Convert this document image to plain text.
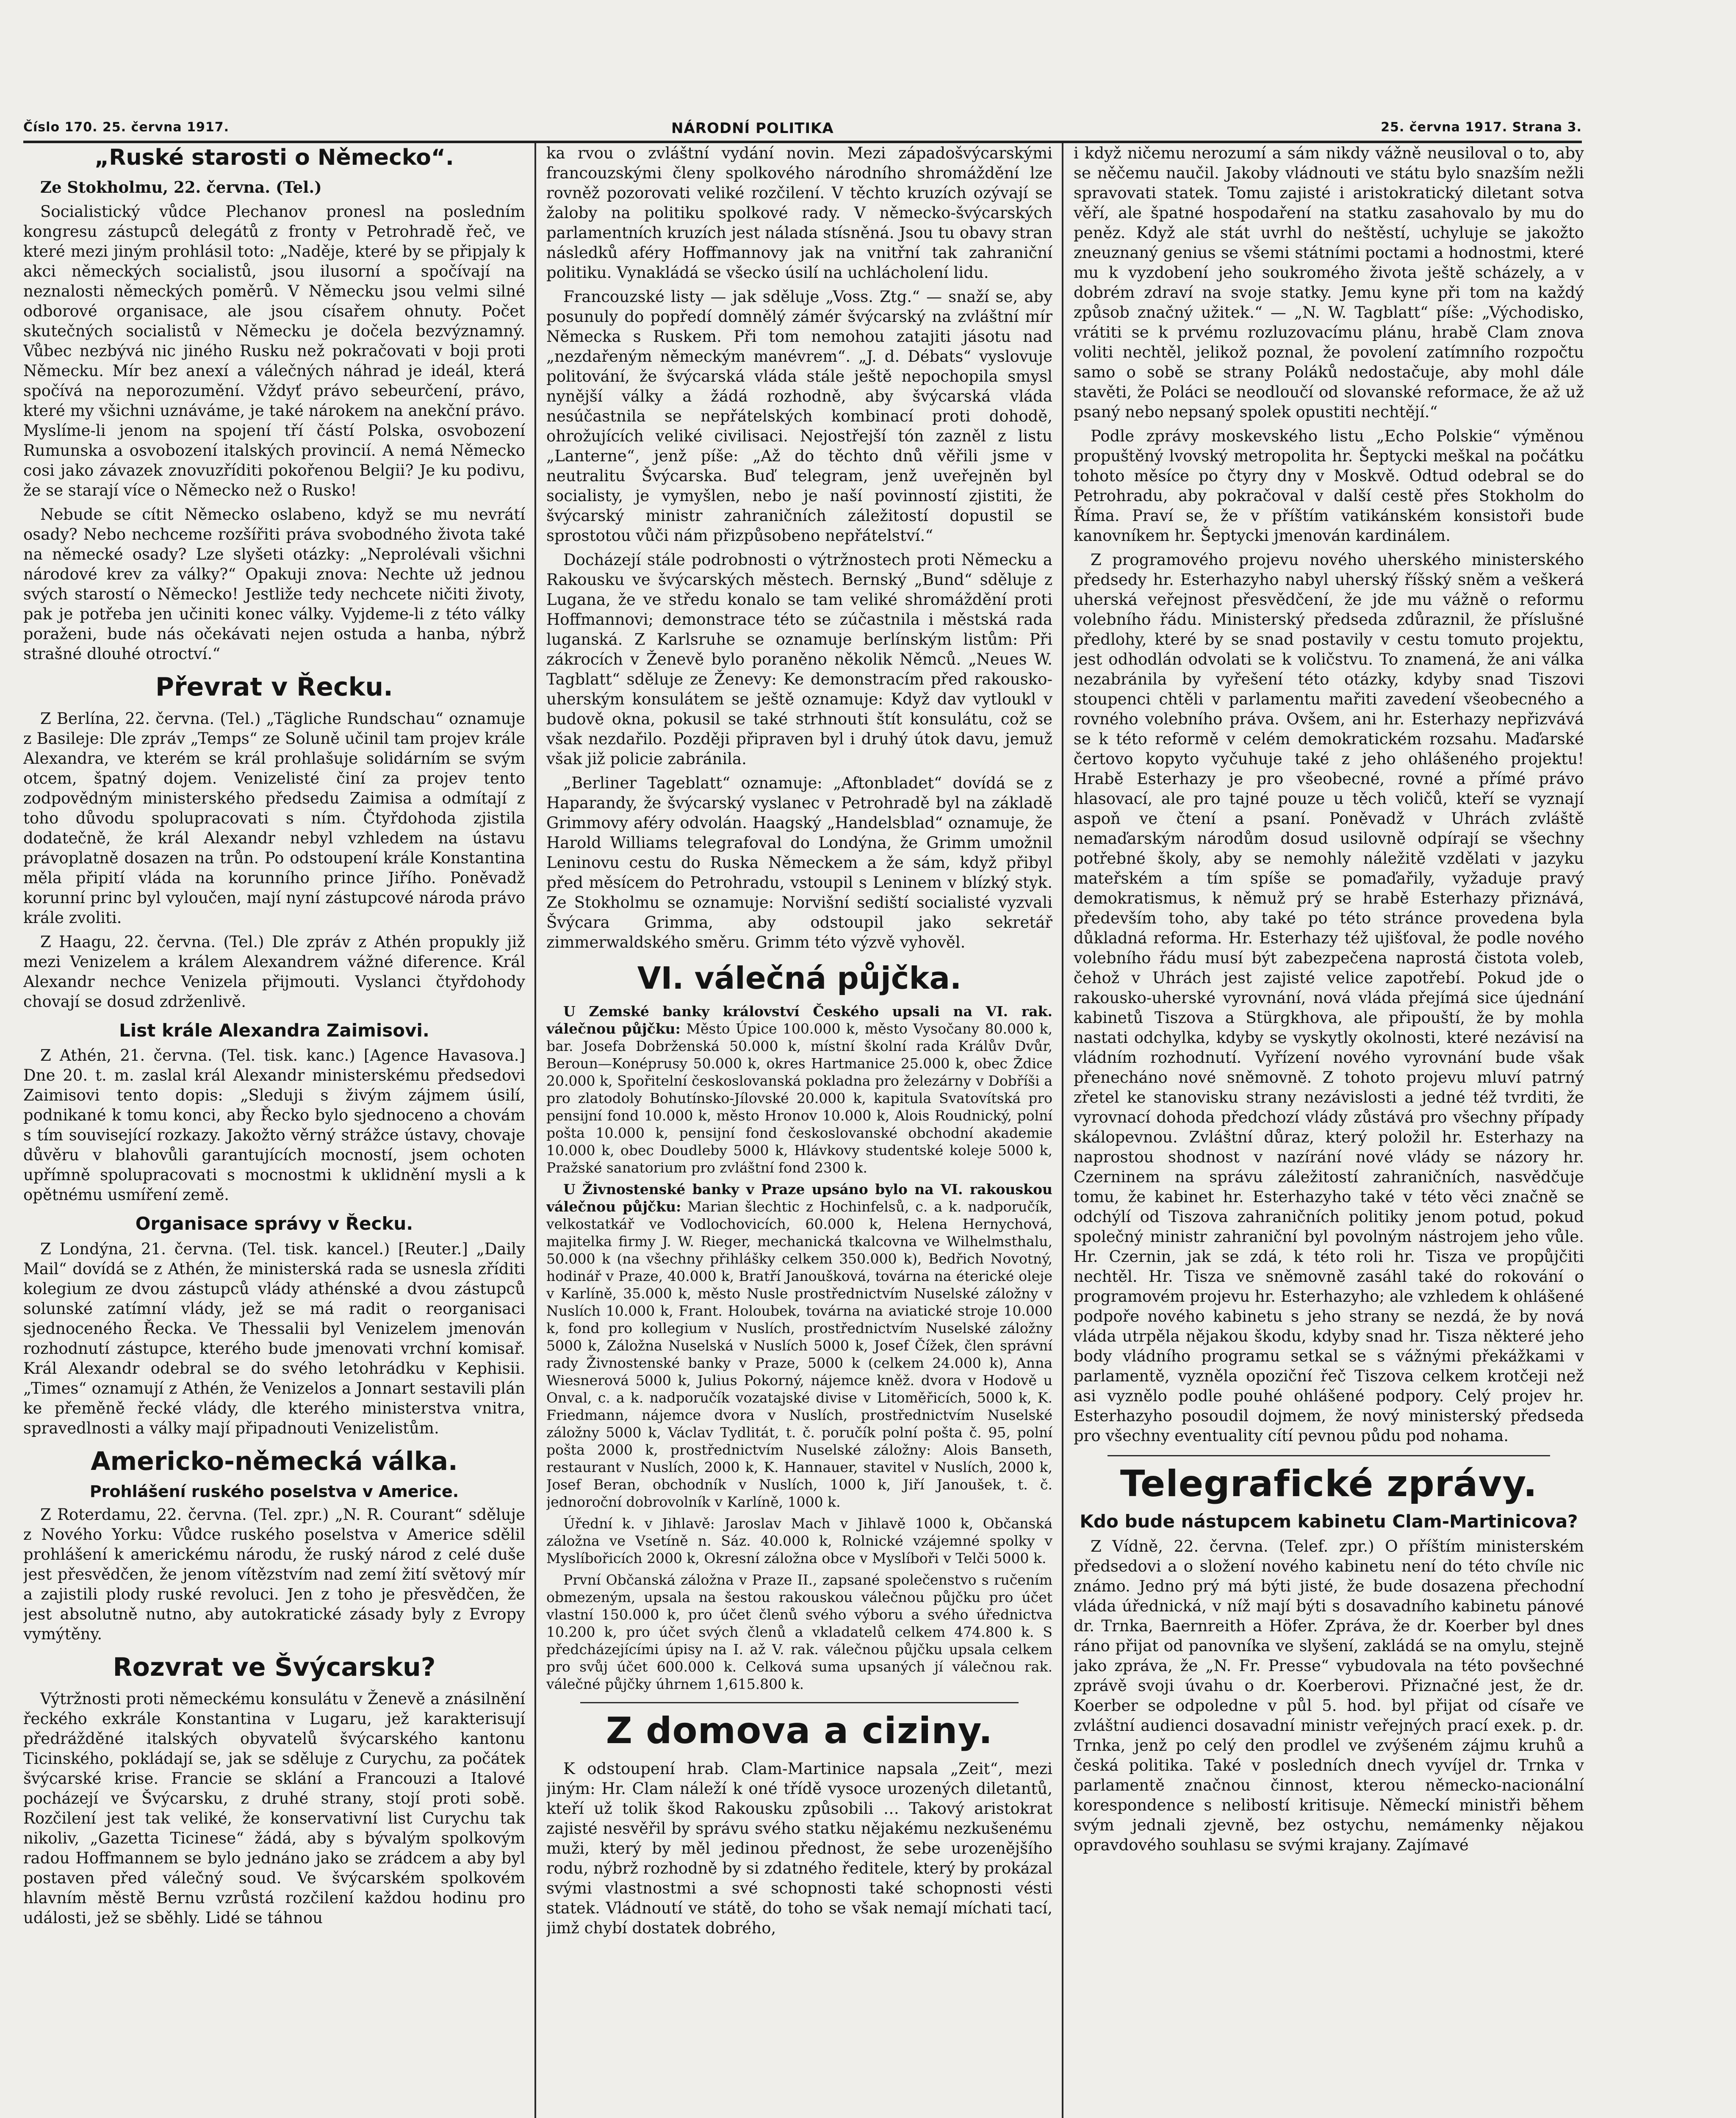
Číslo 170. 25. června 1917.	NÁRODNÍ POLITIKA	25. června 1917. Strana 3.
„Ruské starosti o Německo“.

Ze Stokholmu, 22. června. (Tel.)

Socialistický vůdce Plechanov pronesl na posledním kongresu zástupců delegátů z fronty v Petrohradě řeč, ve které mezi jiným prohlásil toto: „Naděje, které by se připjaly k akci německých socialistů, jsou ilusorní a spočívají na neznalosti německých poměrů. V Německu jsou velmi silné odborové organisace, ale jsou císařem ohnuty. Počet skutečných socialistů v Německu je dočela bezvýznamný. Vůbec nezbývá nic jiného Rusku než pokračovati v boji proti Německu. Mír bez anexí a válečných náhrad je ideál, která spočívá na neporozumění. Vždyť právo sebeurčení, právo, které my všichni uznáváme, je také nárokem na anekční právo. Myslíme-li jenom na spojení tří částí Polska, osvobození Rumunska a osvobození italských provincií. A nemá Německo cosi jako závazek znovuzříditi pokořenou Belgii? Je ku podivu, že se starají více o Německo než o Rusko!

Nebude se cítit Německo oslabeno, když se mu nevrátí osady? Nebo nechceme rozšířiti práva svobodného života také na německé osady? Lze slyšeti otázky: „Neprolévali všichni národové krev za války?“ Opakuji znova: Nechte už jednou svých starostí o Německo! Jestliže tedy nechcete ničiti životy, pak je potřeba jen učiniti konec války. Vyjdeme-li z této války poraženi, bude nás očekávati nejen ostuda a hanba, nýbrž strašné dlouhé otroctví.“

Převrat v Řecku.

Z Berlína, 22. června. (Tel.) „Tägliche Rundschau“ oznamuje z Basileje: Dle zpráv „Temps“ ze Soluně učinil tam projev krále Alexandra, ve kterém se král prohlašuje solidárním se svým otcem, špatný dojem. Venizelisté činí za projev tento zodpovědným ministerského předsedu Zaimisa a odmítají z toho důvodu spolupracovati s ním. Čtyřdohoda zjistila dodatečně, že král Alexandr nebyl vzhledem na ústavu právoplatně dosazen na trůn. Po odstoupení krále Konstantina měla připití vláda na korunního prince Jiřího. Poněvadž korunní princ byl vyloučen, mají nyní zástupcové národa právo krále zvoliti.

Z Haagu, 22. června. (Tel.) Dle zpráv z Athén propukly již mezi Venizelem a králem Alexandrem vážné diference. Král Alexandr nechce Venizela přijmouti. Vyslanci čtyřdohody chovají se dosud zdrženlivě.

List krále Alexandra Zaimisovi.

Z Athén, 21. června. (Tel. tisk. kanc.) [Agence Havasova.] Dne 20. t. m. zaslal král Alexandr ministerskému předsedovi Zaimisovi tento dopis: „Sleduji s živým zájmem úsilí, podnikané k tomu konci, aby Řecko bylo sjednoceno a chovám s tím související rozkazy. Jakožto věrný strážce ústavy, chovaje důvěru v blahovůli garantujících mocností, jsem ochoten upřímně spolupracovati s mocnostmi k uklidnění mysli a k opětnému usmíření země.

Organisace správy v Řecku.

Z Londýna, 21. června. (Tel. tisk. kancel.) [Reuter.] „Daily Mail“ dovídá se z Athén, že ministerská rada se usnesla zříditi kolegium ze dvou zástupců vlády athénské a dvou zástupců solunské zatímní vlády, jež se má radit o reorganisaci sjednoceného Řecka. Ve Thessalii byl Venizelem jmenován rozhodnutí zástupce, kterého bude jmenovati vrchní komisař. Král Alexandr odebral se do svého letohrádku v Kephisii. „Times“ oznamují z Athén, že Venizelos a Jonnart sestavili plán ke přeměně řecké vlády, dle kterého ministerstva vnitra, spravedlnosti a války mají připadnouti Venizelistům.

Americko-německá válka.
Prohlášení ruského poselstva v Americe.

Z Roterdamu, 22. června. (Tel. zpr.) „N. R. Courant“ sděluje z Nového Yorku: Vůdce ruského poselstva v Americe sdělil prohlášení k americkému národu, že ruský národ z celé duše jest přesvědčen, že jenom vítězstvím nad zemí žití světový mír a zajistili plody ruské revoluci. Jen z toho je přesvědčen, že jest absolutně nutno, aby autokratické zásady byly z Evropy vymýtěny.

Rozvrat ve Švýcarsku?

Výtržnosti proti německému konsulátu v Ženevě a znásilnění řeckého exkrále Konstantina v Lugaru, jež karakterisují předrážděné italských obyvatelů švýcarského kantonu Ticinského, pokládají se, jak se sděluje z Curychu, za počátek švýcarské krise. Francie se sklání a Francouzi a Italové pocházejí ve Švýcarsku, z druhé strany, stojí proti sobě. Rozčilení jest tak veliké, že konservativní list Curychu tak nikoliv, „Gazetta Ticinese“ žádá, aby s bývalým spolkovým radou Hoffmannem se bylo jednáno jako se zrádcem a aby byl postaven před válečný soud. Ve švýcarském spolkovém hlavním městě Bernu vzrůstá rozčilení každou hodinu pro události, jež se sběhly. Lidé se táhnou

ka rvou o zvláštní vydání novin. Mezi západošvýcarskými francouzskými členy spolkového národního shromáždění lze rovněž pozorovati veliké rozčilení. V těchto kruzích ozývají se žaloby na politiku spolkové rady. V německo-švýcarských parlamentních kruzích jest nálada stísněná. Jsou tu obavy stran následků aféry Hoffmannovy jak na vnitřní tak zahraniční politiku. Vynakládá se všecko úsilí na uchlácholení lidu.

Francouzské listy — jak sděluje „Voss. Ztg.“ — snaží se, aby posunuly do popředí domnělý zámér švýcarský na zvláštní mír Německa s Ruskem. Při tom nemohou zatajiti jásotu nad „nezdařeným německým manévrem“. „J. d. Débats“ vyslovuje politování, že švýcarská vláda stále ještě nepochopila smysl nynější války a žádá rozhodně, aby švýcarská vláda nesúčastnila se nepřátelských kombinací proti dohodě, ohrožujících veliké civilisaci. Nejostřejší tón zazněl z listu „Lanterne“, jenž píše: „Až do těchto dnů věřili jsme v neutralitu Švýcarska. Buď telegram, jenž uveřejněn byl socialisty, je vymyšlen, nebo je naší povinností zjistiti, že švýcarský ministr zahraničních záležitostí dopustil se sprostotou vůči nám přizpůsobeno nepřátelství.“

Docházejí stále podrobnosti o výtržnostech proti Německu a Rakousku ve švýcarských městech. Bernský „Bund“ sděluje z Lugana, že ve středu konalo se tam veliké shromáždění proti Hoffmannovi; demonstrace této se zúčastnila i městská rada luganská. Z Karlsruhe se oznamuje berlínským listům: Při zákrocích v Ženevě bylo poraněno několik Němců. „Neues W. Tagblatt“ sděluje ze Ženevy: Ke demonstracím před rakousko-uherským konsulátem se ještě oznamuje: Když dav vytloukl v budově okna, pokusil se také strhnouti štít konsulátu, což se však nezdařilo. Později připraven byl i druhý útok davu, jemuž však již policie zabránila.

„Berliner Tageblatt“ oznamuje: „Aftonbladet“ dovídá se z Haparandy, že švýcarský vyslanec v Petrohradě byl na základě Grimmovy aféry odvolán. Haagský „Handelsblad“ oznamuje, že Harold Williams telegrafoval do Londýna, že Grimm umožnil Leninovu cestu do Ruska Německem a že sám, když přibyl před měsícem do Petrohradu, vstoupil s Leninem v blízký styk. Ze Stokholmu se oznamuje: Norvišní sediští socialisté vyzvali Švýcara Grimma, aby odstoupil jako sekretář zimmerwaldského směru. Grimm této výzvě vyhověl.

VI. válečná půjčka.

U Zemské banky království Českého upsali na VI. rak. válečnou půjčku: Město Úpice 100.000 k, město Vysočany 80.000 k, bar. Josefa Dobrženská 50.000 k, místní školní rada Králův Dvůr, Beroun—Konéprusy 50.000 k, okres Hartmanice 25.000 k, obec Ždice 20.000 k, Spořitelní českoslovanská pokladna pro železárny v Dobříši a pro zlatodoly Bohutínsko-Jílovské 20.000 k, kapitula Svatovítská pro pensijní fond 10.000 k, město Hronov 10.000 k, Alois Roudnický, polní pošta 10.000 k, pensijní fond českoslovanské obchodní akademie 10.000 k, obec Doudleby 5000 k, Hlávkovy studentské koleje 5000 k, Pražské sanatorium pro zvláštní fond 2300 k.

U Živnostenské banky v Praze upsáno bylo na VI. rakouskou válečnou půjčku: Marian šlechtic z Hochinfelsů, c. a k. nadporučík, velkostatkář ve Vodlochovicích, 60.000 k, Helena Hernychová, majitelka firmy J. W. Rieger, mechanická tkalcovna ve Wilhelmsthalu, 50.000 k (na všechny přihlášky celkem 350.000 k), Bedřich Novotný, hodinář v Praze, 40.000 k, Bratří Janoušková, továrna na éterické oleje v Karlíně, 35.000 k, město Nusle prostřednictvím Nuselské záložny v Nuslích 10.000 k, Frant. Holoubek, továrna na aviatické stroje 10.000 k, fond pro kollegium v Nuslích, prostřednictvím Nuselské záložny 5000 k, Záložna Nuselská v Nuslích 5000 k, Josef Čížek, člen správní rady Živnostenské banky v Praze, 5000 k (celkem 24.000 k), Anna Wiesnerová 5000 k, Julius Pokorný, nájemce kněž. dvora v Hodově u Onval, c. a k. nadporučík vozatajské divise v Litoměřicích, 5000 k, K. Friedmann, nájemce dvora v Nuslích, prostřednictvím Nuselské záložny 5000 k, Václav Tydlitát, t. č. poručík polní pošta č. 95, polní pošta 2000 k, prostřednictvím Nuselské záložny: Alois Banseth, restaurant v Nuslích, 2000 k, K. Hannauer, stavitel v Nuslích, 2000 k, Josef Beran, obchodník v Nuslích, 1000 k, Jiří Janoušek, t. č. jednoroční dobrovolník v Karlíně, 1000 k.

Úřední k. v Jihlavě: Jaroslav Mach v Jihlavě 1000 k, Občanská záložna ve Vsetíně n. Sáz. 40.000 k, Rolnické vzájemné spolky v Myslíbořicích 2000 k, Okresní záložna obce v Myslíboři v Telči 5000 k.

První Občanská záložna v Praze II., zapsané společenstvo s ručením obmezeným, upsala na šestou rakouskou válečnou půjčku pro účet vlastní 150.000 k, pro účet členů svého výboru a svého úřednictva 10.200 k, pro účet svých členů a vkladatelů celkem 474.800 k. S předcházejícími úpisy na I. až V. rak. válečnou půjčku upsala celkem pro svůj účet 600.000 k. Celková suma upsaných jí válečnou rak. válečné půjčky úhrnem 1,615.800 k.

Z domova a ciziny.

K odstoupení hrab. Clam-Martinice napsala „Zeit“, mezi jiným: Hr. Clam náleží k oné třídě vysoce urozených diletantů, kteří už tolik škod Rakousku způsobili … Takový aristokrat zajisté nesvěřil by správu svého statku nějakému nezkušenému muži, který by měl jedinou přednost, že sebe urozenějšího rodu, nýbrž rozhodně by si zdatného ředitele, který by prokázal svými vlastnostmi a své schopnosti také schopnosti vésti statek. Vládnoutí ve státě, do toho se však nemají míchati tací, jimž chybí dostatek dobrého,

i když ničemu nerozumí a sám nikdy vážně neusiloval o to, aby se něčemu naučil. Jakoby vládnouti ve státu bylo snazším nežli spravovati statek. Tomu zajisté i aristokratický diletant sotva věří, ale špatné hospodaření na statku zasahovalo by mu do peněz. Když ale stát uvrhl do neštěstí, uchyluje se jakožto zneuznaný genius se všemi státními poctami a hodnostmi, které mu k vyzdobení jeho soukromého života ještě scházely, a v dobrém zdraví na svoje statky. Jemu kyne při tom na každý způsob značný užitek.“ — „N. W. Tagblatt“ píše: „Východisko, vrátiti se k prvému rozluzovacímu plánu, hrabě Clam znova voliti nechtěl, jelikož poznal, že povolení zatímního rozpočtu samo o sobě se strany Poláků nedostačuje, aby mohl dále stavěti, že Poláci se neodloučí od slovanské reformace, že až už psaný nebo nepsaný spolek opustiti nechtějí.“

Podle zprávy moskevského listu „Echo Polskie“ výměnou propuštěný lvovský metropolita hr. Šeptycki meškal na počátku tohoto měsíce po čtyry dny v Moskvě. Odtud odebral se do Petrohradu, aby pokračoval v další cestě přes Stokholm do Říma. Praví se, že v příštím vatikánském konsistoři bude kanovníkem hr. Šeptycki jmenován kardinálem.

Z programového projevu nového uherského ministerského předsedy hr. Esterhazyho nabyl uherský říšský sněm a veškerá uherská veřejnost přesvědčení, že jde mu vážně o reformu volebního řádu. Ministerský předseda zdůraznil, že příslušné předlohy, které by se snad postavily v cestu tomuto projektu, jest odhodlán odvolati se k voličstvu. To znamená, že ani válka nezabránila by vyřešení této otázky, kdyby snad Tiszovi stoupenci chtěli v parlamentu mařiti zavedení všeobecného a rovného volebního práva. Ovšem, ani hr. Esterhazy nepřizvává se k této reformě v celém demokratickém rozsahu. Maďarské čertovo kopyto vyčuhuje také z jeho ohlášeného projektu! Hrabě Esterhazy je pro všeobecné, rovné a přímé právo hlasovací, ale pro tajné pouze u těch voličů, kteří se vyznají aspoň ve čtení a psaní. Poněvadž v Uhrách zvláště nemaďarským národům dosud usilovně odpírají se všechny potřebné školy, aby se nemohly náležitě vzdělati v jazyku mateřském a tím spíše se pomaďařily, vyžaduje pravý demokratismus, k němuž prý se hrabě Esterhazy přiznává, především toho, aby také po této stránce provedena byla důkladná reforma. Hr. Esterhazy též ujišťoval, že podle nového volebního řádu musí být zabezpečena naprostá čistota voleb, čehož v Uhrách jest zajisté velice zapotřebí. Pokud jde o rakousko-uherské vyrovnání, nová vláda přejímá sice újednání kabinetů Tiszova a Stürgkhova, ale připouští, že by mohla nastati odchylka, kdyby se vyskytly okolnosti, které nezávisí na vládním rozhodnutí. Vyřízení nového vyrovnání bude však přenecháno nové sněmovně. Z tohoto projevu mluví patrný zřetel ke stanovisku strany nezávislosti a jedné též tvrditi, že vyrovnací dohoda předchozí vlády zůstává pro všechny případy skálopevnou. Zvláštní důraz, který položil hr. Esterhazy na naprostou shodnost v nazírání nové vlády se názory hr. Czerninem na správu záležitostí zahraničních, nasvědčuje tomu, že kabinet hr. Esterhazyho také v této věci značně se odchýlí od Tiszova zahraničních politiky jenom potud, pokud společný ministr zahraniční byl povolným nástrojem jeho vůle. Hr. Czernin, jak se zdá, k této roli hr. Tisza ve propůjčiti nechtěl. Hr. Tisza ve sněmovně zasáhl také do rokování o programovém projevu hr. Esterhazyho; ale vzhledem k ohlášené podpoře nového kabinetu s jeho strany se nezdá, že by nová vláda utrpěla nějakou škodu, kdyby snad hr. Tisza některé jeho body vládního programu setkal se s vážnými překážkami v parlamentě, vyzněla opoziční řeč Tiszova celkem krotčeji než asi vyznělo podle pouhé ohlášené podpory. Celý projev hr. Esterhazyho posoudil dojmem, že nový ministerský předseda pro všechny eventuality cítí pevnou půdu pod nohama.

Telegrafické zprávy.
Kdo bude nástupcem kabinetu Clam-Martinicova?

Z Vídně, 22. června. (Telef. zpr.) O příštím ministerském předsedovi a o složení nového kabinetu není do této chvíle nic známo. Jedno prý má býti jisté, že bude dosazena přechodní vláda úřednická, v níž mají býti s dosavadního kabinetu pánové dr. Trnka, Baernreith a Höfer. Zpráva, že dr. Koerber byl dnes ráno přijat od panovníka ve slyšení, zakládá se na omylu, stejně jako zpráva, že „N. Fr. Presse“ vybudovala na této povšechné zprávě svoji úvahu o dr. Koerberovi. Přiznačné jest, že dr. Koerber se odpoledne v půl 5. hod. byl přijat od císaře ve zvláštní audienci dosavadní ministr veřejných prací exek. p. dr. Trnka, jenž po celý den prodlel ve zvýšeném zájmu kruhů a česká politika. Také v posledních dnech vyvíjel dr. Trnka v parlamentě značnou činnost, kterou německo-nacionální korespondence s nelibostí kritisuje. Německí ministři během svým jednali zjevně, bez ostychu, nemámenky nějakou opravdového souhlasu se svými krajany. Zajímavé
